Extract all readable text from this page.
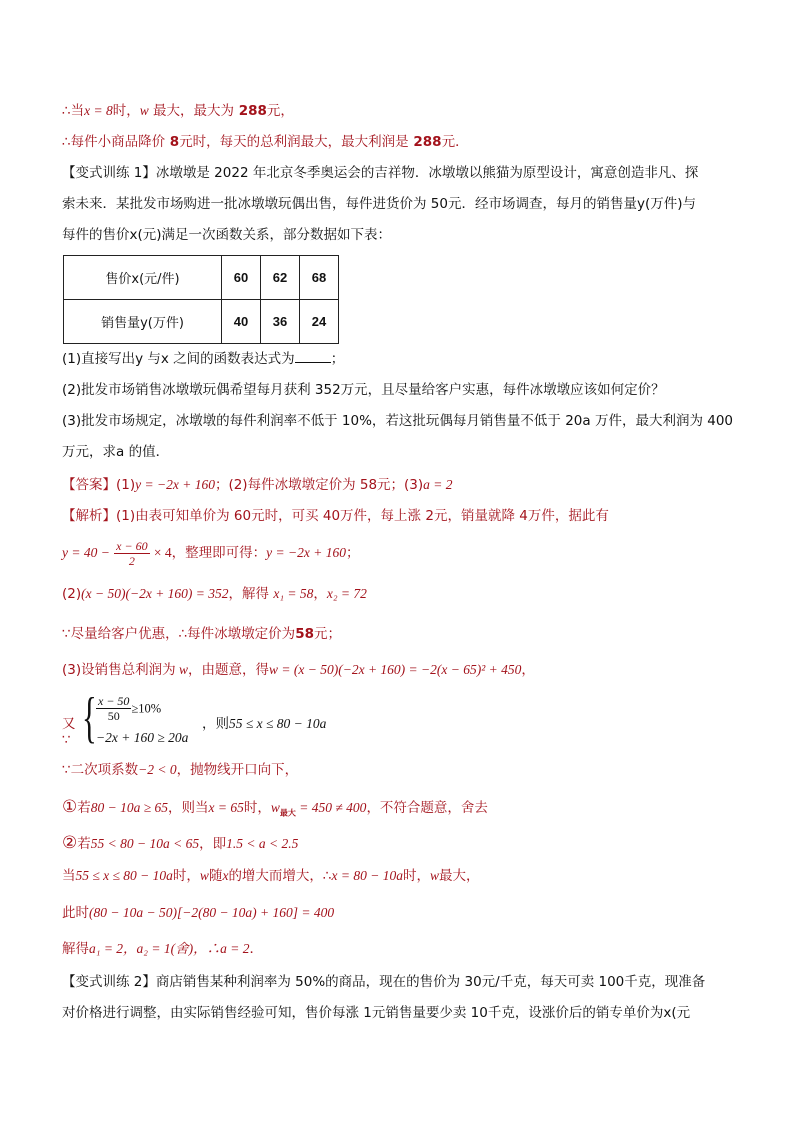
∴当x = 8时，w 最大，最大为 288元，
∴每件小商品降价 8元时，每天的总利润最大，最大利润是 288元．
【变式训练 1】冰墩墩是 2022 年北京冬季奥运会的吉祥物．冰墩墩以熊猫为原型设计，寓意创造非凡、探
索未来．某批发市场购进一批冰墩墩玩偶出售，每件进货价为 50元．经市场调查，每月的销售量y(万件)与
每件的售价x(元)满足一次函数关系，部分数据如下表：
售价x(元/件)	60	62	68
销售量y(万件)	40	36	24
(1)直接写出y 与x 之间的函数表达式为	；
(2)批发市场销售冰墩墩玩偶希望每月获利 352万元，且尽量给客户实惠，每件冰墩墩应该如何定价？
(3)批发市场规定，冰墩墩的每件利润率不低于 10%，若这批玩偶每月销售量不低于 20a 万件，最大利润为 400
万元，求a 的值．
【答案】(1)y = −2x + 160；(2)每件冰墩墩定价为 58元；(3)a = 2
【解析】(1)由表可知单价为 60元时，可买 40万件，每上涨 2元，销量就降 4万件，据此有
$y = 40 - \frac{x - 60}{2} \times 4$，整理即可得：y = −2x + 160；
(2)(x − 50)(−2x + 160) = 352，解得 x₁ = 58，x₂ = 72
∵尽量给客户优惠，∴每件冰墩墩定价为58元；
(3)设销售总利润为 w，由题意，得w = (x − 50)(−2x + 160) = −2(x − 65)² + 450，
又∵ { $\frac{x - 50}{50} \ge 10\%$
−2x + 160 ≥ 20a
，则55 ≤ x ≤ 80 − 10a
∵二次项系数−2 < 0，抛物线开口向下，
①若80 − 10a ≥ 65，则当x = 65时，$w_{最大} = 450 \ne 400$，不符合题意，舍去
②若55 < 80 − 10a < 65，即1.5 < a < 2.5
当55 ≤ x ≤ 80 − 10a时，w随x的增大而增大，∴x = 80 − 10a时，w最大，
此时(80 − 10a − 50)[−2(80 − 10a) + 160] = 400
解得a₁ = 2，a₂ = 1(舍)，∴a = 2．
【变式训练 2】商店销售某种利润率为 50%的商品，现在的售价为 30元/千克，每天可卖 100千克，现准备
对价格进行调整，由实际销售经验可知，售价每涨 1元销售量要少卖 10千克，设涨价后的销专单价为x(元
